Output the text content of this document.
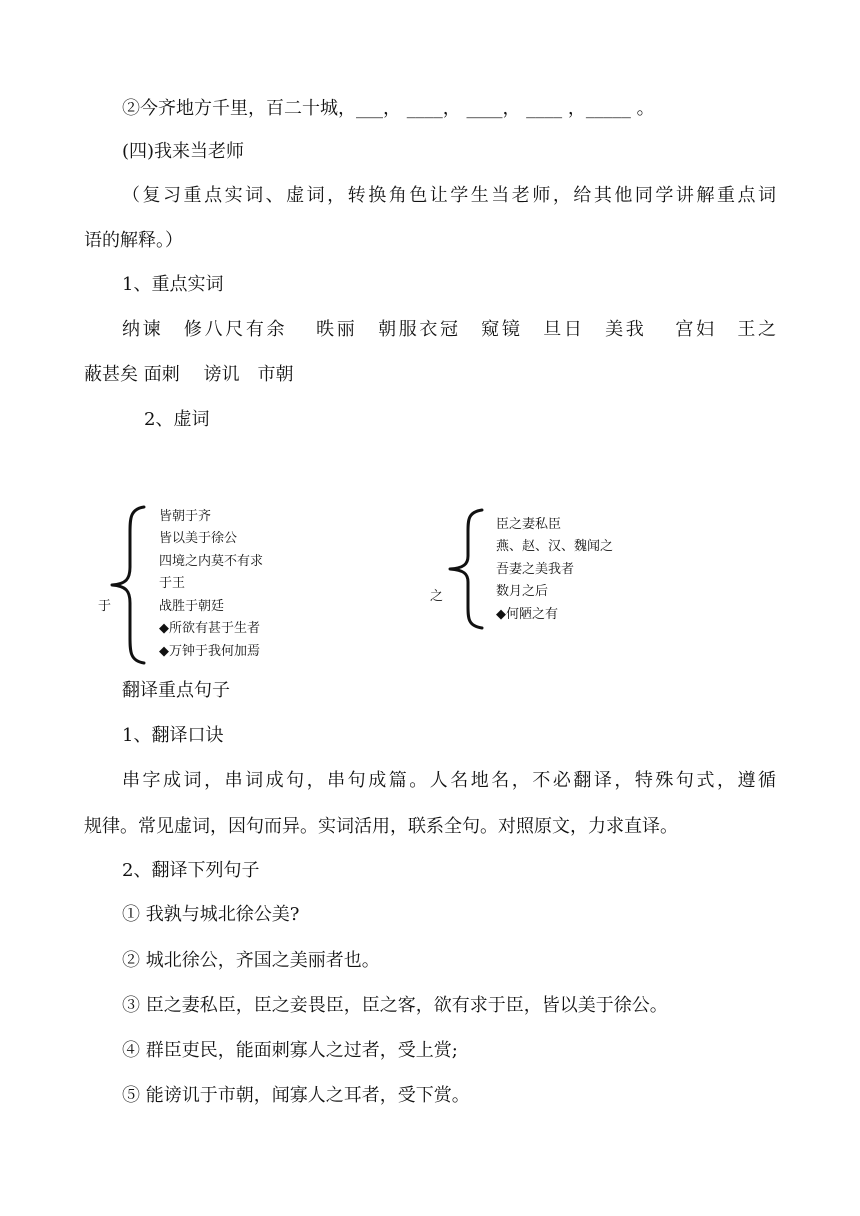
②今齐地方千里，百二十城，___， ____， ____， ____ ，_____ 。
(四)我来当老师
（复习重点实词、虚词，转换角色让学生当老师，给其他同学讲解重点词
语的解释。）
1、重点实词
纳谏　修八尺有余　 昳丽　朝服衣冠　窥镜　旦日　美我　 宫妇　王之
蔽甚矣 面刺　 谤讥　市朝
2、虚词
于
皆朝于齐
皆以美于徐公
四境之内莫不有求
于王
战胜于朝廷
◆所欲有甚于生者
◆万钟于我何加焉
之
臣之妻私臣
燕、赵、汉、魏闻之
吾妻之美我者
数月之后
◆何陋之有
翻译重点句子
1、翻译口诀
串字成词，串词成句，串句成篇。人名地名，不必翻译，特殊句式，遵循
规律。常见虚词，因句而异。实词活用，联系全句。对照原文，力求直译。
2、翻译下列句子
① 我孰与城北徐公美?
② 城北徐公，齐国之美丽者也。
③ 臣之妻私臣，臣之妾畏臣，臣之客，欲有求于臣，皆以美于徐公。
④ 群臣吏民，能面刺寡人之过者，受上赏;
⑤ 能谤讥于市朝，闻寡人之耳者，受下赏。
